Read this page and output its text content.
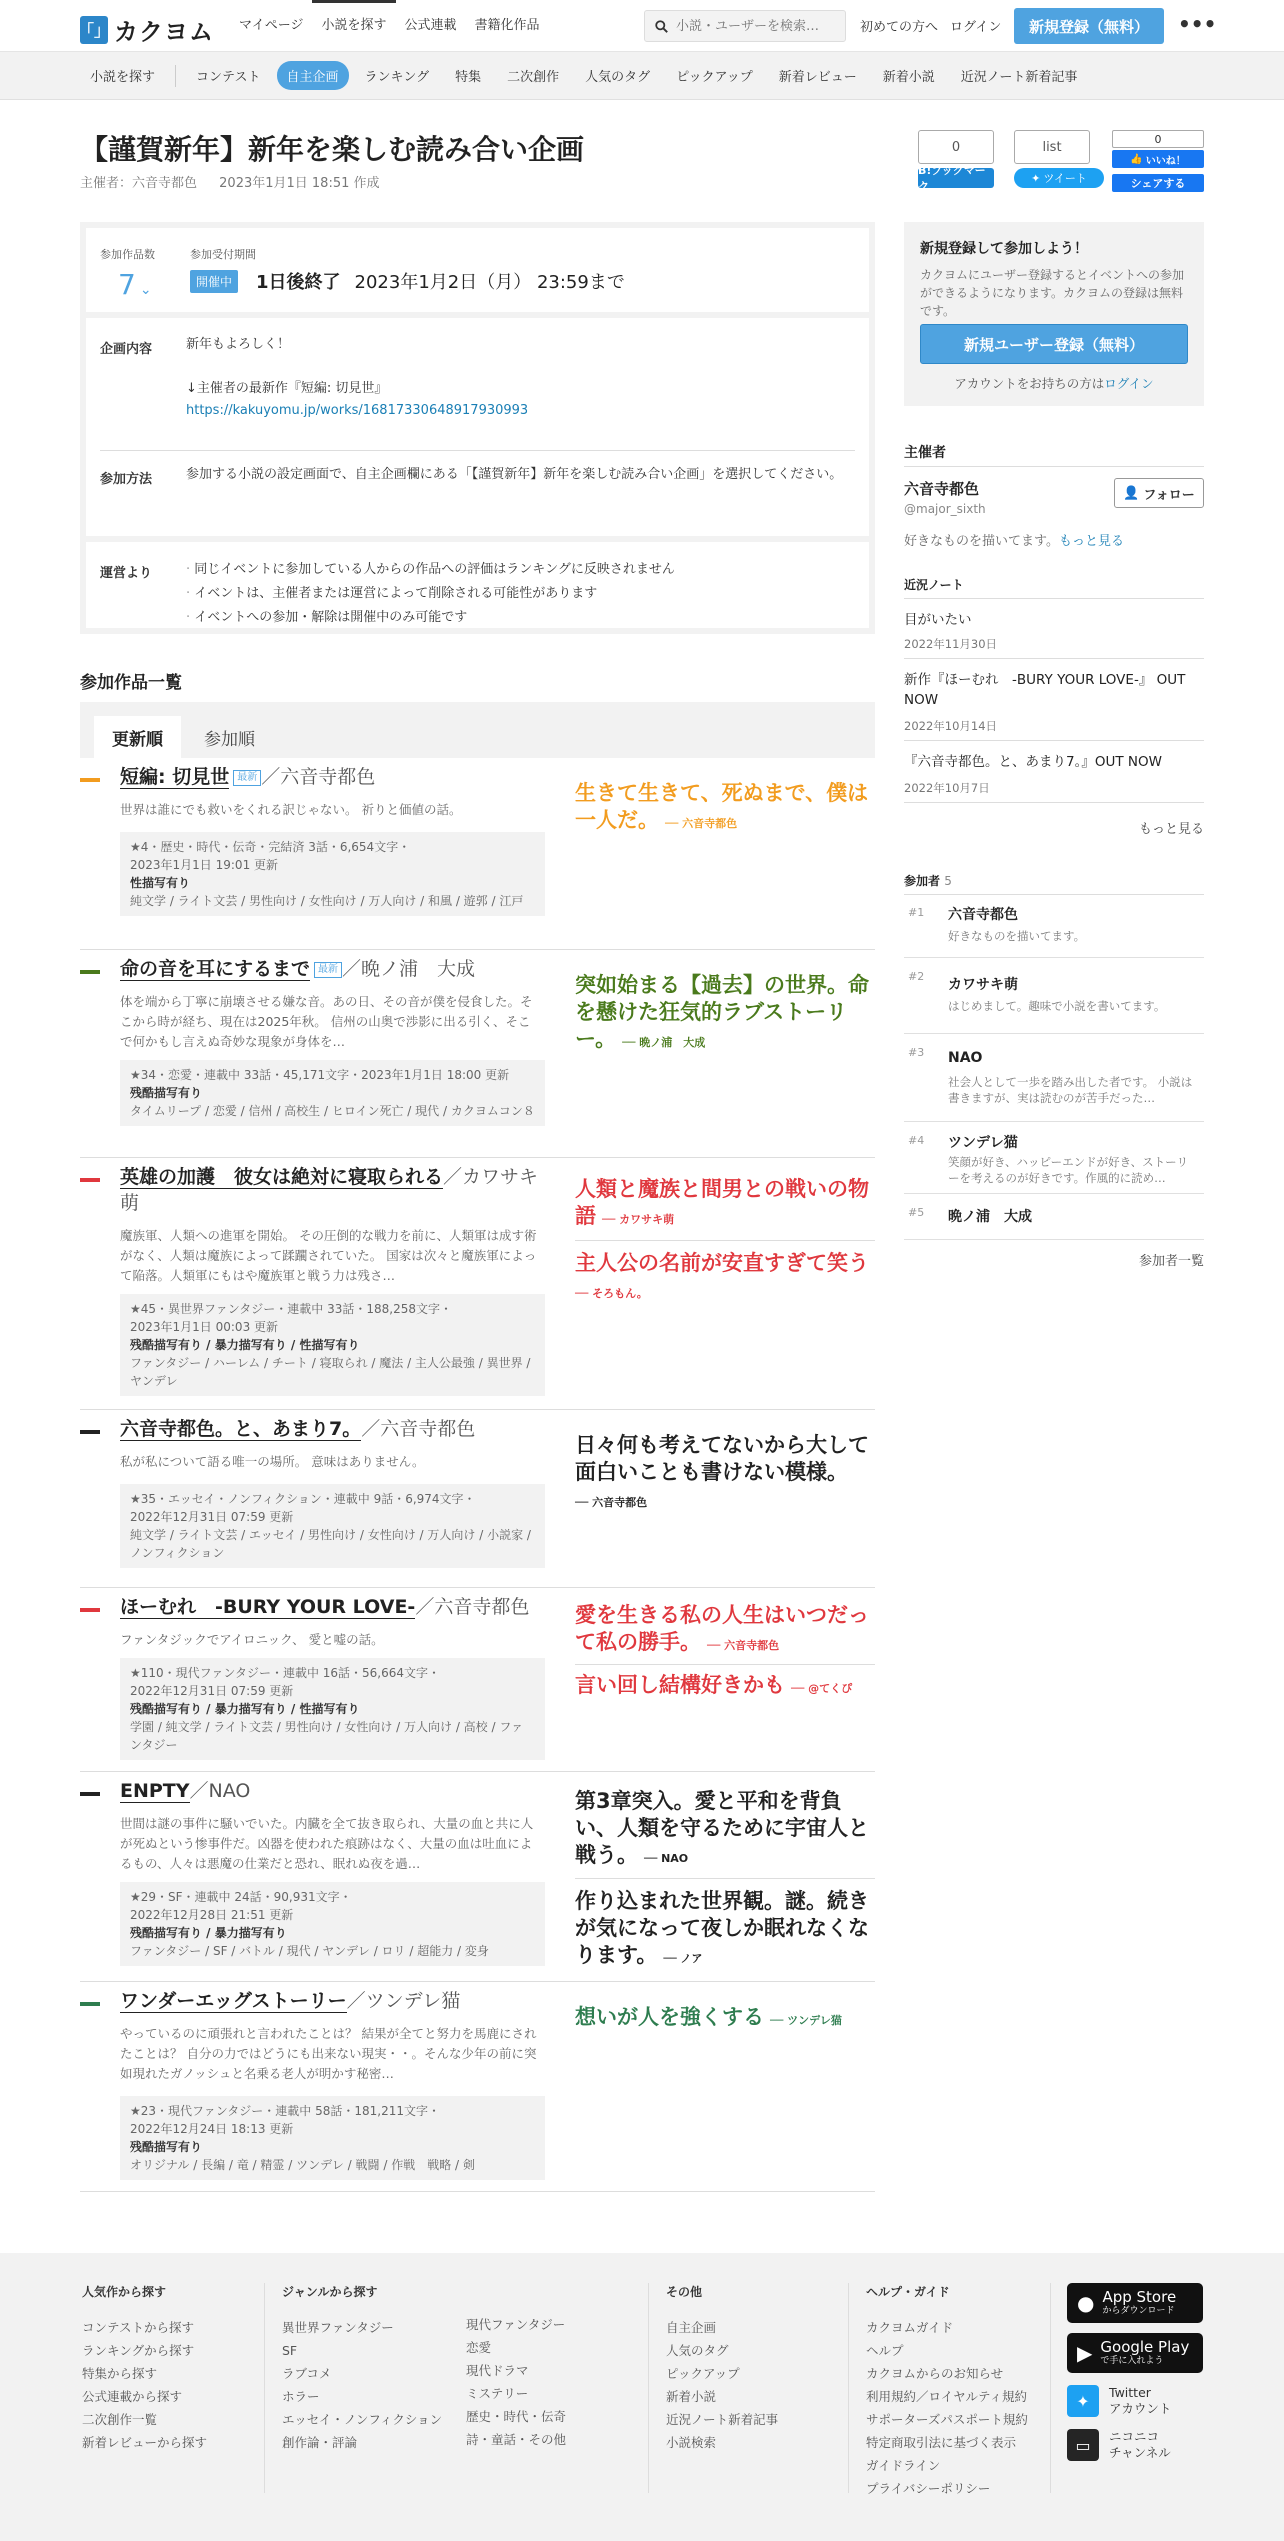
「」 カクヨム	マイページ	小説を探す	公式連載	書籍化作品
小説・ユーザーを検索…	初めての方へ ログイン	新規登録（無料）	•••
小説を探す	コンテスト	自主企画	ランキング	特集	二次創作	人気のタグ	ピックアップ	新着レビュー	新着小説	近況ノート新着記事
【謹賀新年】新年を楽しむ読み合い企画
主催者：六音寺都色 2023年1月1日 18:51 作成
0
B!ブックマーク
list
✦ ツイート
0
👍 いいね！
シェアする
参加作品数
7 ⌄
参加受付期間
開催中	1日後終了 2023年1月2日（月） 23:59まで
企画内容	新年もよろしく！
↓主催者の最新作『短編: 切見世』
https://kakuyomu.jp/works/16817330648917930993
参加方法	参加する小説の設定画面で、自主企画欄にある「【謹賀新年】新年を楽しむ読み合い企画」を選択してください。
運営より
·	同じイベントに参加している人からの作品への評価はランキングに反映されません
· イベントは、主催者または運営によって削除される可能性があります
· イベントへの参加・解除は開催中のみ可能です
参加作品一覧
更新順	参加順
短編: 切見世 最新 ／六音寺都色
世界は誰にでも救いをくれる訳じゃない。 祈りと価値の話。
★4・歴史・時代・伝奇・完結済 3話・6,654文字・
2023年1月1日 19:01 更新
性描写有り
純文学 / ライト文芸 / 男性向け / 女性向け / 万人向け / 和風 / 遊郭 / 江戸
生きて生きて、死ぬまで、僕は一人だ。 ── 六音寺都色
命の音を耳にするまで 最新 ／晩ノ浦　大成
体を端から丁寧に崩壊させる嫌な音。あの日、その音が僕を侵食した。そこから時が経ち、現在は2025年秋。 信州の山奥で渉影に出る引く、そこで何かもし言えぬ奇妙な現象が身体を…
★34・恋愛・連載中 33話・45,171文字・2023年1月1日 18:00 更新
残酷描写有り
タイムリープ / 恋愛 / 信州 / 高校生 / ヒロイン死亡 / 現代 / カクヨムコン８
突如始まる【過去】の世界。命を懸けた狂気的ラブストーリー。 ── 晩ノ浦　大成
英雄の加護　彼女は絶対に寝取られる／カワサキ萌
魔族軍、人類への進軍を開始。 その圧倒的な戦力を前に、人類軍は成す術がなく、人類は魔族によって蹂躙されていた。 国家は次々と魔族軍によって陥落。人類軍にもはや魔族軍と戦う力は残さ…
★45・異世界ファンタジー・連載中 33話・188,258文字・
2023年1月1日 00:03 更新
残酷描写有り / 暴力描写有り / 性描写有り
ファンタジー / ハーレム / チート / 寝取られ / 魔法 / 主人公最強 / 異世界 / ヤンデレ
人類と魔族と間男との戦いの物語 ── カワサキ萌
主人公の名前が安直すぎて笑う
── そろもん。
六音寺都色。と、あまり7。／六音寺都色
私が私について語る唯一の場所。 意味はありません。
★35・エッセイ・ノンフィクション・連載中 9話・6,974文字・
2022年12月31日 07:59 更新
純文学 / ライト文芸 / エッセイ / 男性向け / 女性向け / 万人向け / 小説家 / ノンフィクション
日々何も考えてないから大して面白いことも書けない模様。
── 六音寺都色
ほーむれ　-BURY YOUR LOVE-／六音寺都色
ファンタジックでアイロニック、 愛と嘘の話。
★110・現代ファンタジー・連載中 16話・56,664文字・
2022年12月31日 07:59 更新
残酷描写有り / 暴力描写有り / 性描写有り
学園 / 純文学 / ライト文芸 / 男性向け / 女性向け / 万人向け / 高校 / ファンタジー
愛を生きる私の人生はいつだって私の勝手。 ── 六音寺都色
言い回し結構好きかも ── @てくぴ
ENPTY／NAO
世間は謎の事件に騒いでいた。内臓を全て抜き取られ、大量の血と共に人が死ぬという惨事件だ。凶器を使われた痕跡はなく、大量の血は吐血によるもの、人々は悪魔の仕業だと恐れ、眠れぬ夜を過…
★29・SF・連載中 24話・90,931文字・
2022年12月28日 21:51 更新
残酷描写有り / 暴力描写有り
ファンタジー / SF / バトル / 現代 / ヤンデレ / ロリ / 超能力 / 変身
第3章突入。愛と平和を背負い、人類を守るために宇宙人と戦う。 ── NAO
作り込まれた世界観。謎。続きが気になって夜しか眠れなくなります。 ── ノア
ワンダーエッグストーリー／ツンデレ猫
やっているのに頑張れと言われたことは？ 結果が全てと努力を馬鹿にされたことは？ 自分の力ではどうにも出来ない現実・・。そんな少年の前に突如現れたガノッシュと名乗る老人が明かす秘密…
★23・現代ファンタジー・連載中 58話・181,211文字・
2022年12月24日 18:13 更新
残酷描写有り
オリジナル / 長編 / 竜 / 精霊 / ツンデレ / 戦闘 / 作戦　戦略 / 剣
想いが人を強くする ── ツンデレ猫
新規登録して参加しよう！

カクヨムにユーザー登録するとイベントへの参加ができるようになります。カクヨムの登録は無料です。

新規ユーザー登録（無料）
アカウントをお持ちの方はログイン
主催者
六音寺都色
@major_sixth
👤 フォロー
好きなものを描いてます。もっと見る
近況ノート
目がいたい
2022年11月30日
新作『ほーむれ　-BURY YOUR LOVE-』 OUT NOW
2022年10月14日
『六音寺都色。と、あまり7。』OUT NOW
2022年10月7日
もっと見る
参加者 5
#1 六音寺都色
好きなものを描いてます。
#2
カワサキ萌
はじめまして。趣味で小説を書いてます。
#3 NAO
社会人として一歩を踏み出した者です。 小説は書きますが、実は読むのが苦手だった…
#4 ツンデレ猫
笑顔が好き、ハッピーエンドが好き、ストーリーを考えるのが好きです。作風的に読め…
#5 晩ノ浦　大成
参加者一覧
人気作から探す
コンテストから探す
ランキングから探す
特集から探す
公式連載から探す
二次創作一覧
新着レビューから探す
ジャンルから探す
異世界ファンタジー
SF
ラブコメ
ホラー
エッセイ・ノンフィクション
創作論・評論
現代ファンタジー
恋愛
現代ドラマ
ミステリー
歴史・時代・伝奇
詩・童話・その他
その他
自主企画
人気のタグ
ピックアップ
新着小説
近況ノート新着記事
小説検索
ヘルプ・ガイド
カクヨムガイド
ヘルプ
カクヨムからのお知らせ
利用規約／ロイヤルティ規約
サポーターズパスポート規約
特定商取引法に基づく表示
ガイドライン
プライバシーポリシー
● App Store
からダウンロード
▶ Google Play
で手に入れよう
✦	Twitter
アカウント
▭	ニコニコ
チャンネル
